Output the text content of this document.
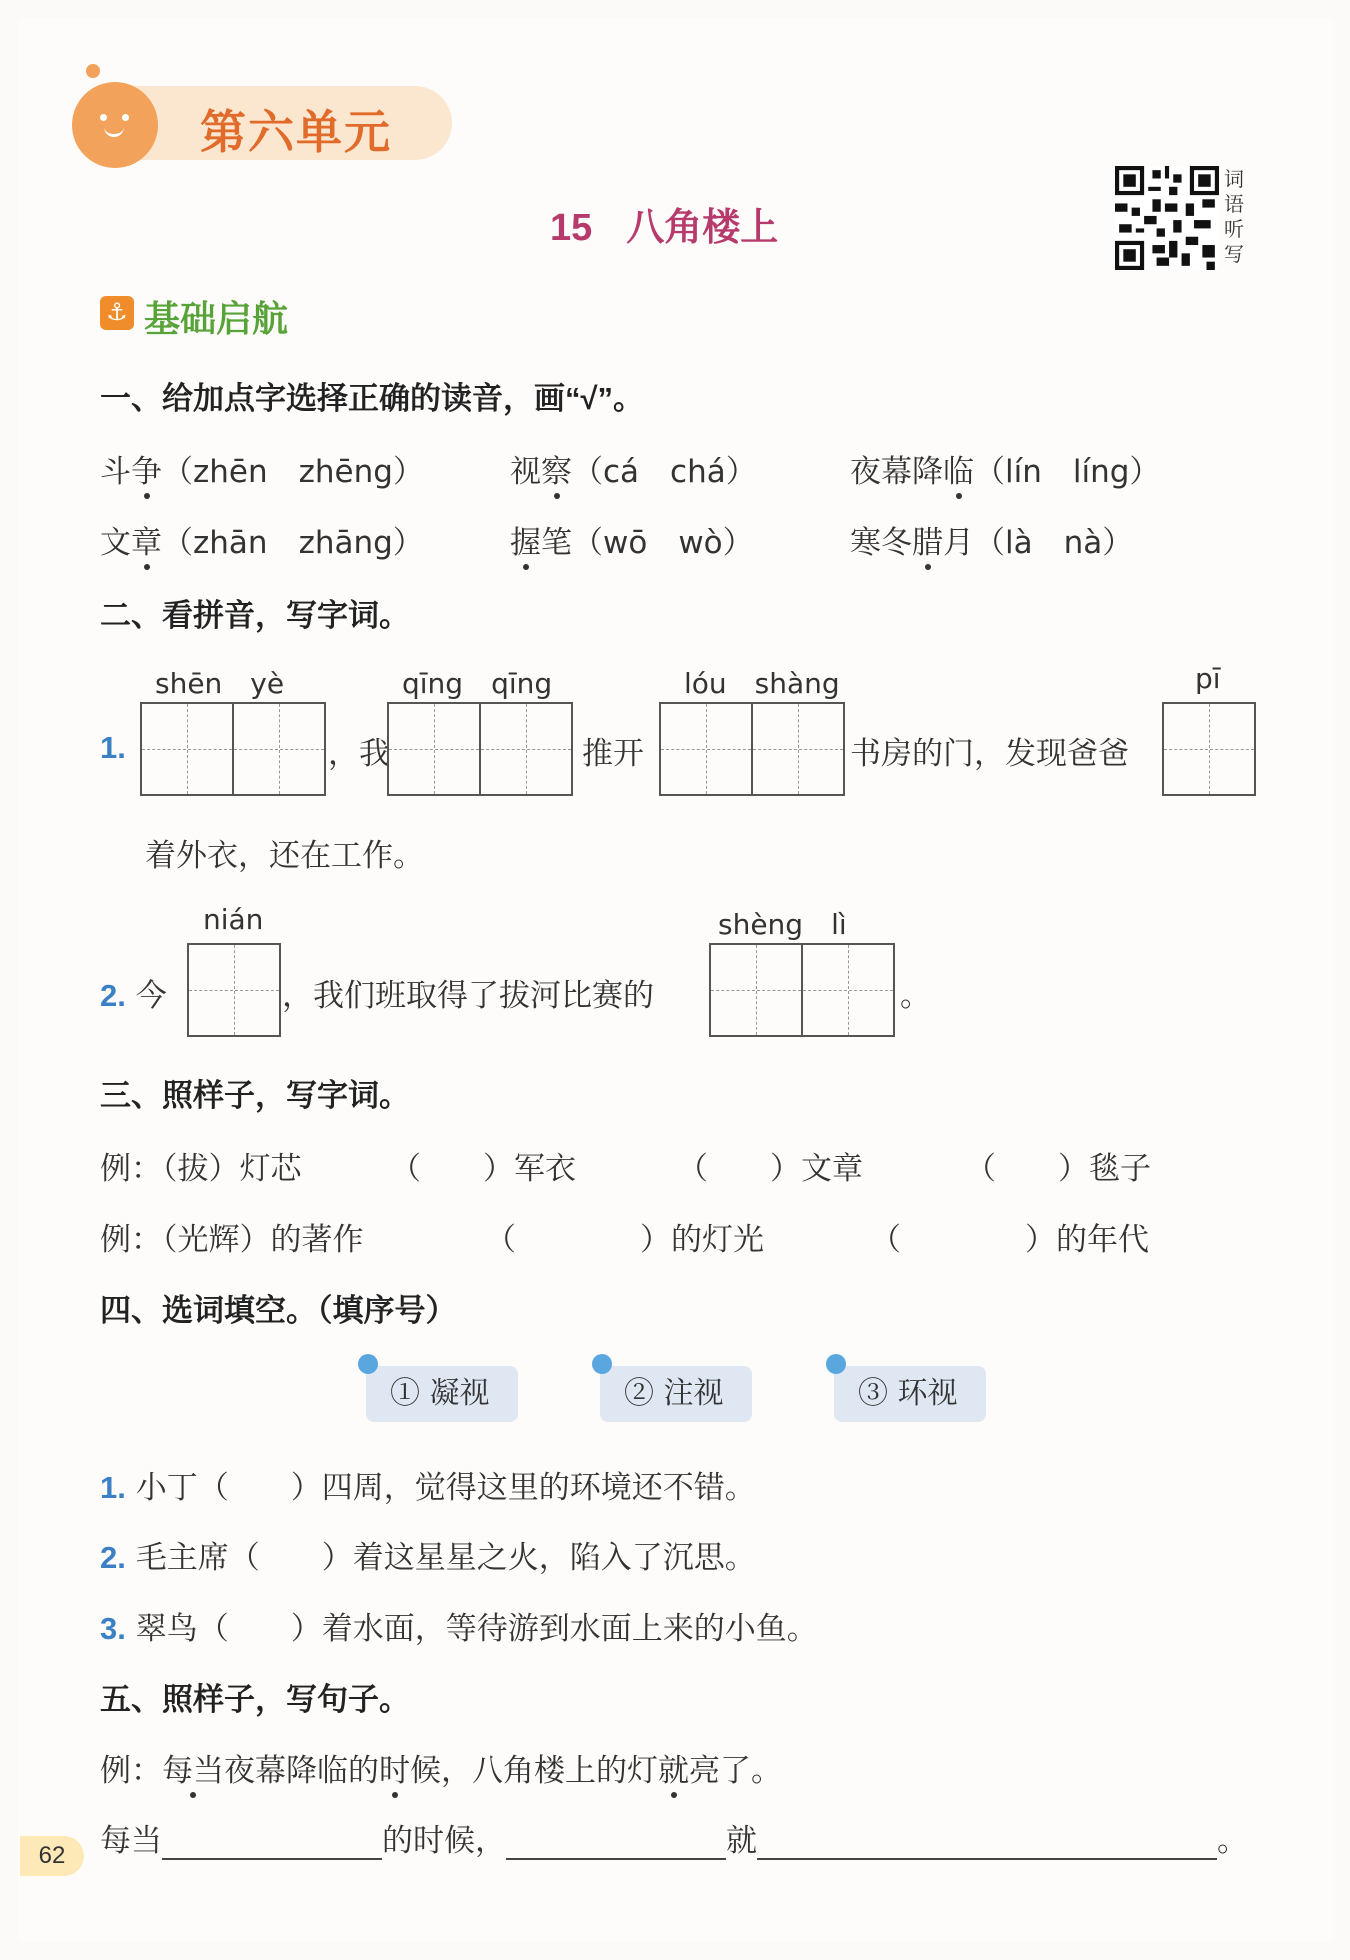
第六单元
15 八角楼上
词语听写
⚓ 基础启航
一、给加点字选择正确的读音，画“√”。
斗争（zhēn　zhēng）	视察（cá　chá）	夜幕降临（lín　líng）
文章（zhān　zhāng）	握笔（wō　wò）	寒冬腊月（là　nà）
二、看拼音，写字词。
shēn　yè	qīng　qīng	lóu　shàng	pī
1.	，我	推开	书房的门，发现爸爸
着外衣，还在工作。
nián	shèng　lì
2. 今	，我们班取得了拔河比赛的	。
三、照样子，写字词。
例：（拔）灯芯	（　　）军衣	（　　）文章	（　　）毯子
例：（光辉）的著作	（　　　　）的灯光	（　　　　）的年代
四、选词填空。（填序号）
① 凝视	② 注视	③ 环视
1. 小丁（　　）四周，觉得这里的环境还不错。
2. 毛主席（　　）着这星星之火，陷入了沉思。
3. 翠鸟（　　）着水面，等待游到水面上来的小鱼。
五、照样子，写句子。
例：每当夜幕降临的时候，八角楼上的灯就亮了。
每当	的时候，	就	。
62
